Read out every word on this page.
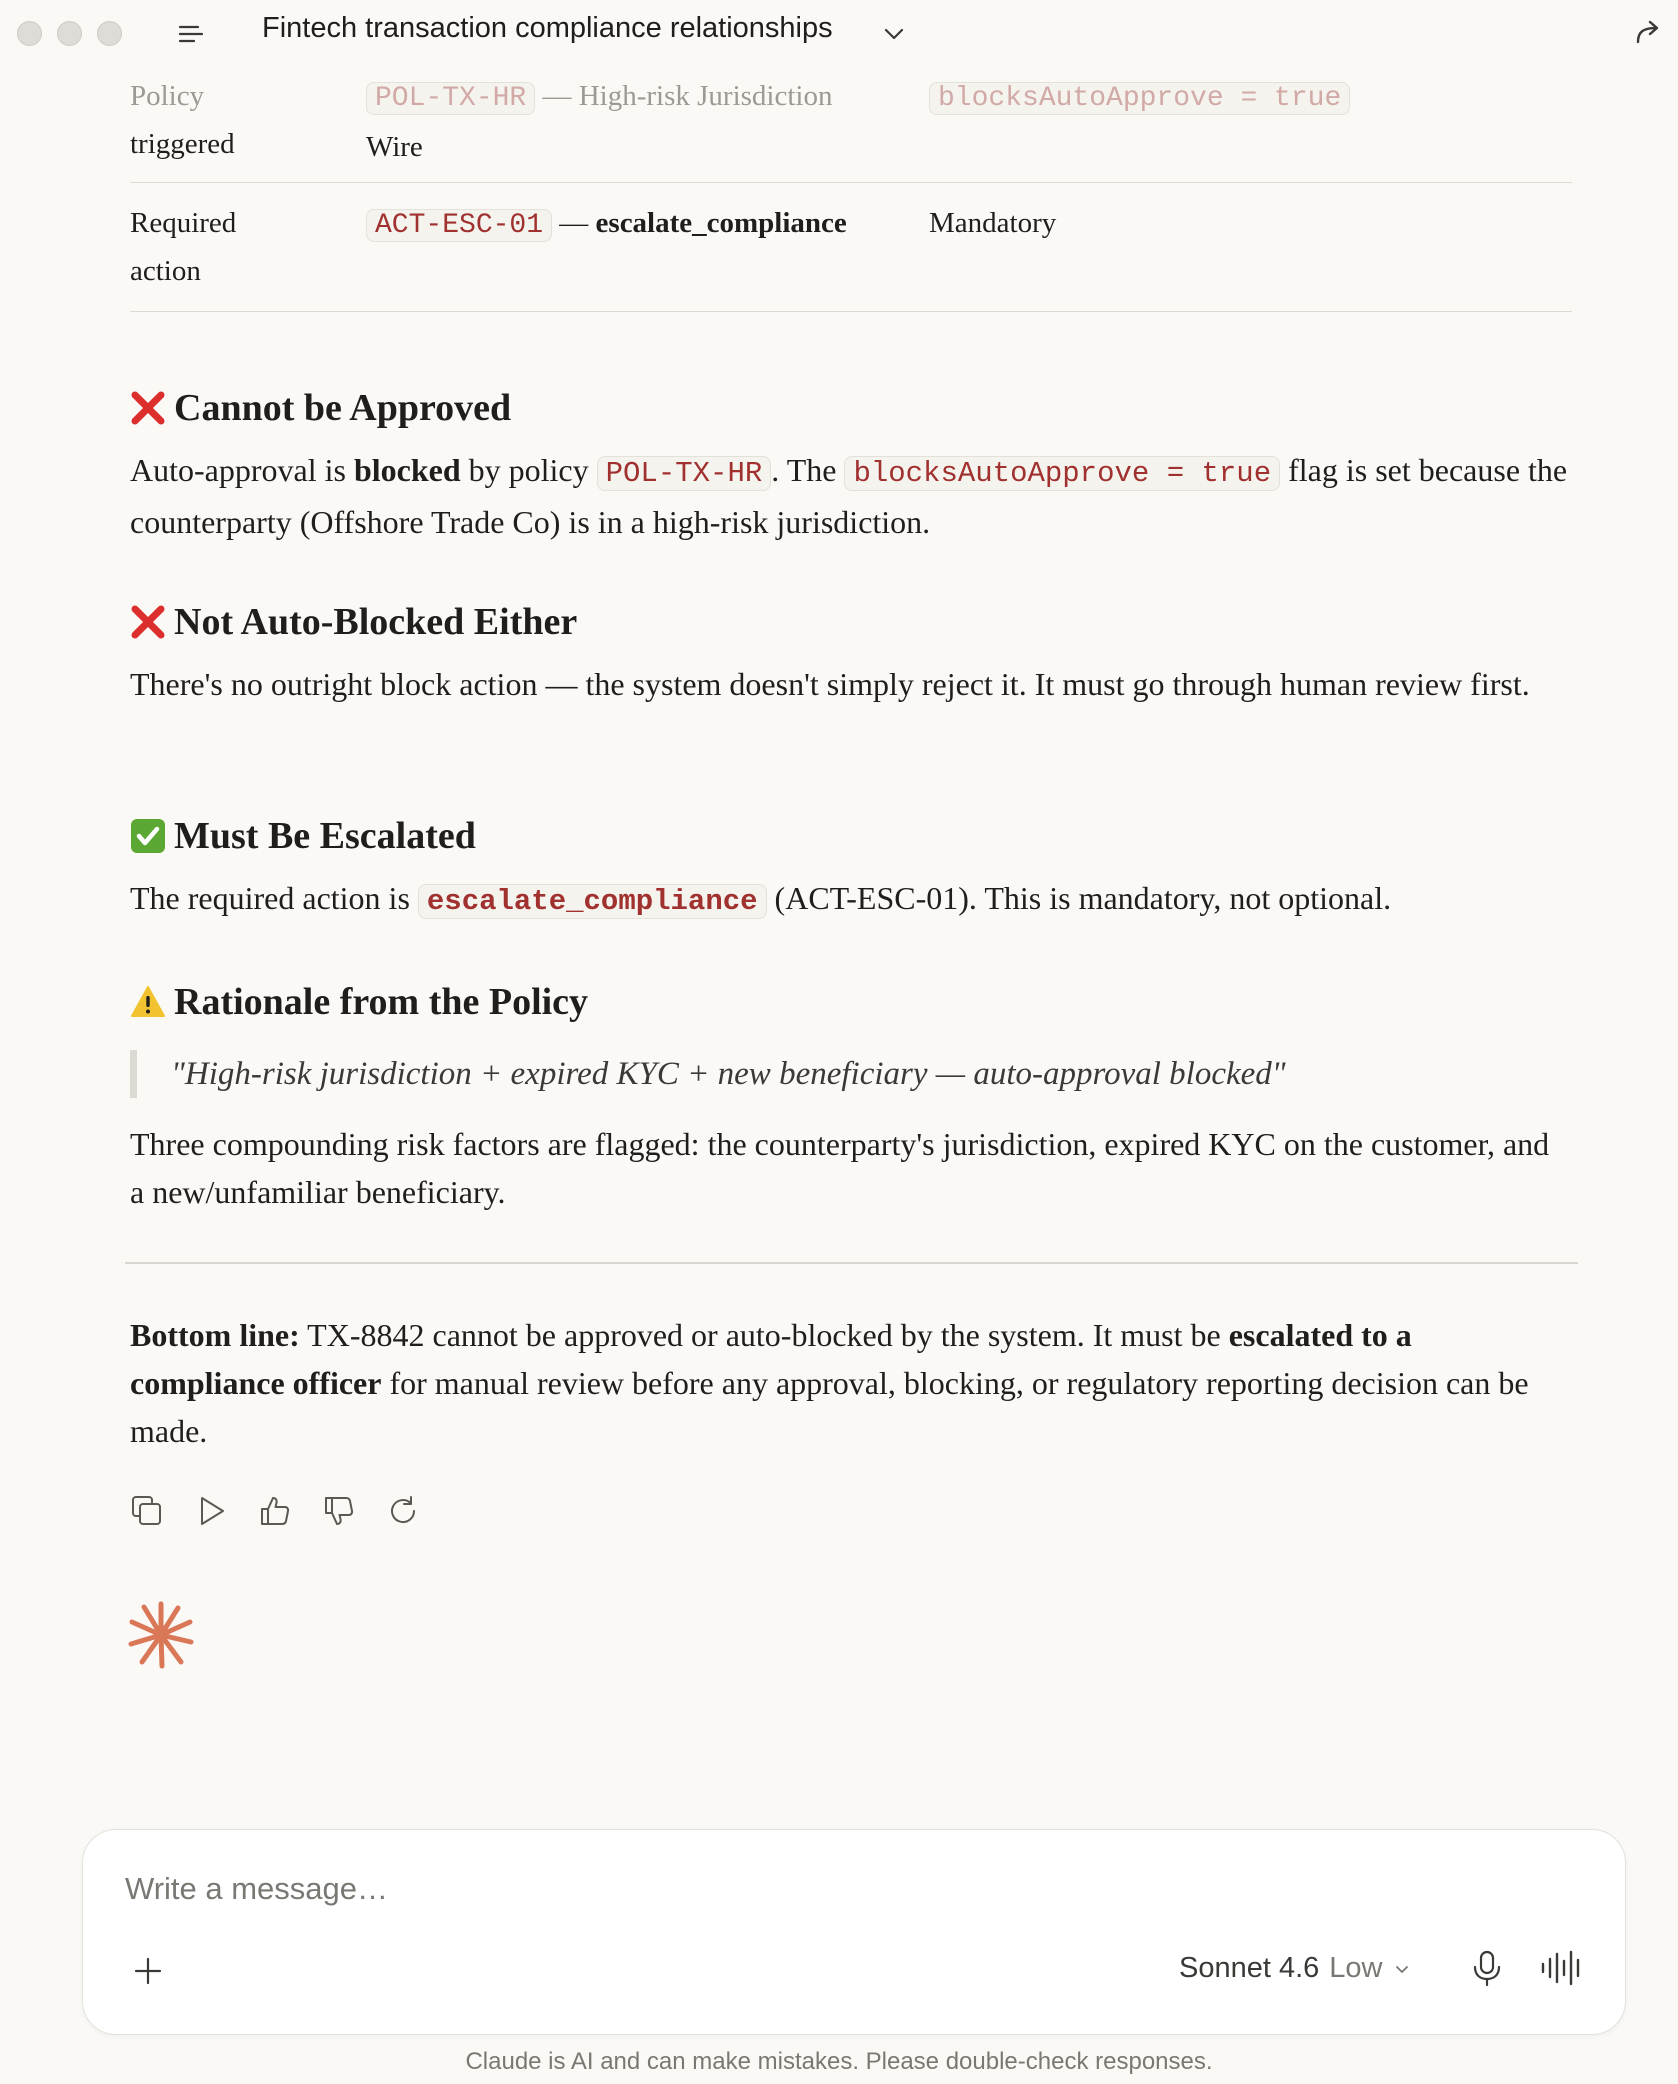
Fintech transaction compliance relationships
Policy
triggered
POL-TX-HR — High-risk Jurisdiction
Wire
blocksAutoApprove = true
Required
action
ACT-ESC-01 — escalate_compliance	Mandatory
Cannot be Approved

Auto-approval is blocked by policy POL-TX-HR . The blocksAutoApprove = true flag is set because the counterparty (Offshore Trade Co) is in a high-risk jurisdiction.

Not Auto-Blocked Either

There's no outright block action — the system doesn't simply reject it. It must go through human review first.

Must Be Escalated

The required action is escalate_compliance (ACT-ESC-01). This is mandatory, not optional.

Rationale from the Policy
"High-risk jurisdiction + expired KYC + new beneficiary — auto-approval blocked"

Three compounding risk factors are flagged: the counterparty's jurisdiction, expired KYC on the customer, and a new/unfamiliar beneficiary.

Bottom line: TX-8842 cannot be approved or auto-blocked by the system. It must be escalated to a compliance officer for manual review before any approval, blocking, or regulatory reporting decision can be made.

Write a message…
Sonnet 4.6 Low
Claude is AI and can make mistakes. Please double-check responses.
